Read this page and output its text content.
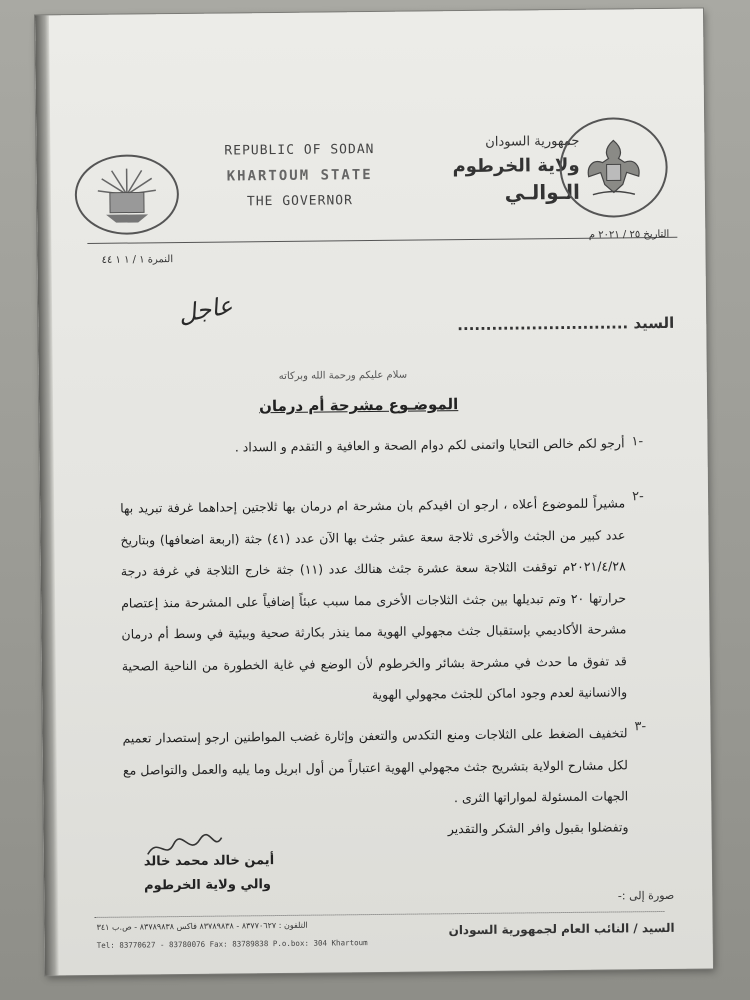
REPUBLIC OF SODAN
KHARTOUM STATE
THE GOVERNOR
جمهورية السودان
ولاية الخرطوم
الـوالـي
التاريخ ٢٥ / ٢٠٢١ م
النمرة ١ / ١ ١ ٤٤
عاجل	السيد ..............................
سلام عليكم ورحمة الله وبركاته
الموضـوع مشرحة أم درمان
١-
٢-
٣-
أرجو لكم خالص التحايا واتمنى لكم دوام الصحة و العافية و التقدم و السداد .
مشيراً للموضوع أعلاه ، ارجو ان افيدكم بان مشرحة ام درمان بها ثلاجتين إحداهما غرفة تبريد بها عدد كبير من الجثث والأخرى ثلاجة سعة عشر جثث بها الآن عدد (٤١) جثة (اربعة اضعافها) وبتاريخ ٢٠٢١/٤/٢٨م توقفت الثلاجة سعة عشرة جثث هنالك عدد (١١) جثة خارج الثلاجة في غرفة درجة حرارتها ٢٠ وتم تبديلها بين جثث الثلاجات الأخرى مما سبب عبئاً إضافياً على المشرحة منذ إعتصام مشرحة الأكاديمي بإستقبال جثث مجهولي الهوية مما ينذر بكارثة صحية وبيئية في وسط أم درمان قد تفوق ما حدث في مشرحة بشائر والخرطوم لأن الوضع في غاية الخطورة من الناحية الصحية والانسانية لعدم وجود اماكن للجثث مجهولي الهوية
لتخفيف الضغط على الثلاجات ومنع التكدس والتعفن وإثارة غضب المواطنين ارجو إستصدار تعميم لكل مشارح الولاية بتشريح جثث مجهولي الهوية اعتباراً من أول ابريل وما يليه والعمل والتواصل مع الجهات المسئولة لمواراتها الثرى .
وتفضلوا بقبول وافر الشكر والتقدير
أيمن خالد محمد خالد
والي ولاية الخرطوم
صورة إلى :-
السيد / النائب العام لجمهورية السودان
التلفون : ٨٣٧٧٠٦٢٧ - ٨٣٧٨٩٨٣٨ فاكس ٨٣٧٨٩٨٣٨ - ص.ب ٣٤١
Tel: 83770627 - 83780076 Fax: 83789838 P.o.box: 304 Khartoum
